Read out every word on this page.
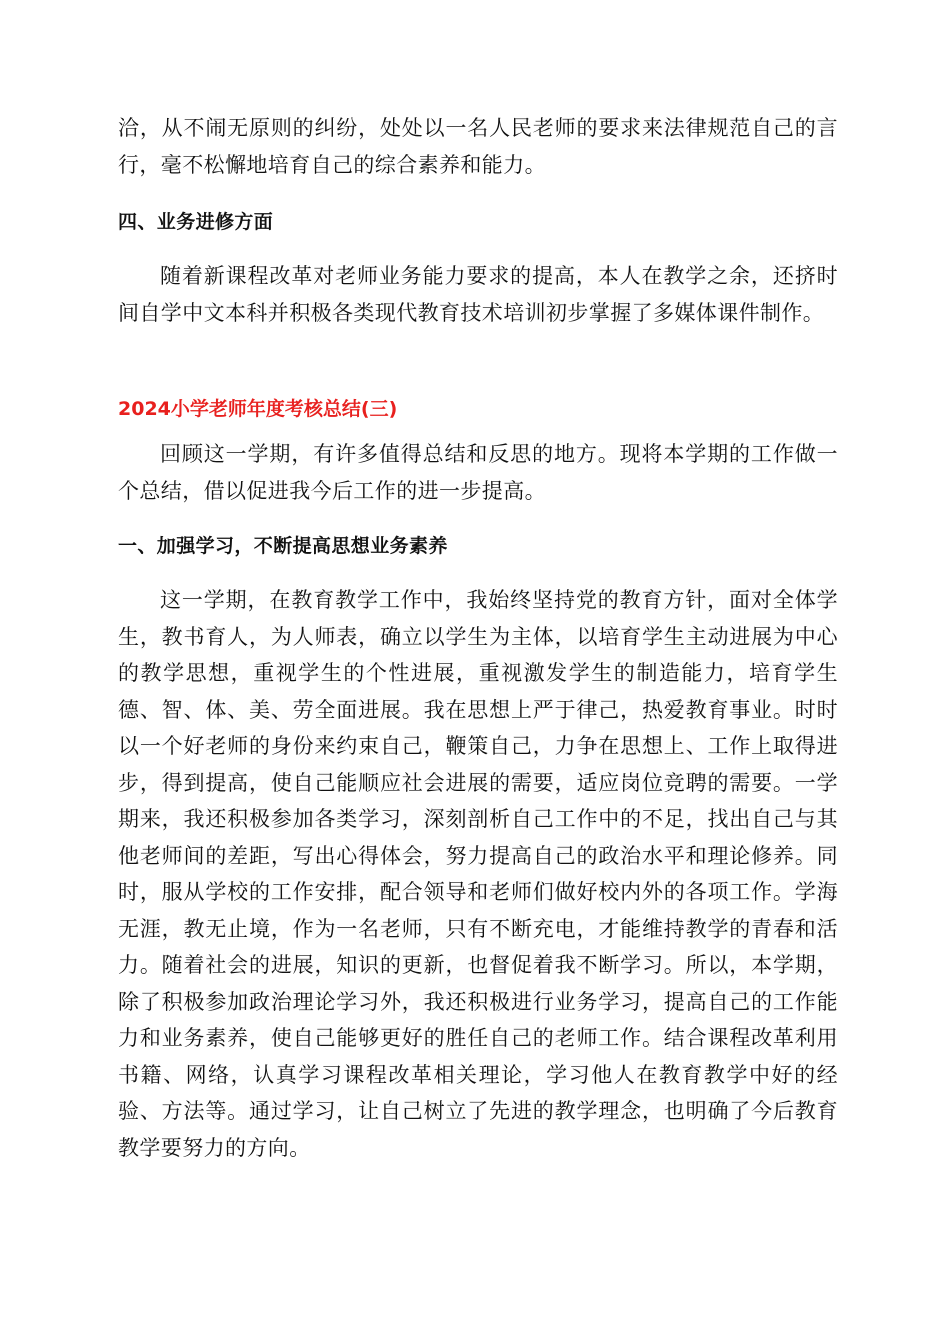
洽，从不闹无原则的纠纷，处处以一名人民老师的要求来法律规范自己的言行，毫不松懈地培育自己的综合素养和能力。

四、业务进修方面

随着新课程改革对老师业务能力要求的提高，本人在教学之余，还挤时间自学中文本科并积极各类现代教育技术培训初步掌握了多媒体课件制作。

2024小学老师年度考核总结(三)

回顾这一学期，有许多值得总结和反思的地方。现将本学期的工作做一个总结，借以促进我今后工作的进一步提高。

一、加强学习，不断提高思想业务素养

这一学期，在教育教学工作中，我始终坚持党的教育方针，面对全体学生，教书育人，为人师表，确立以学生为主体，以培育学生主动进展为中心的教学思想，重视学生的个性进展，重视激发学生的制造能力，培育学生德、智、体、美、劳全面进展。我在思想上严于律己，热爱教育事业。时时以一个好老师的身份来约束自己，鞭策自己，力争在思想上、工作上取得进步，得到提高，使自己能顺应社会进展的需要，适应岗位竞聘的需要。一学期来，我还积极参加各类学习，深刻剖析自己工作中的不足，找出自己与其他老师间的差距，写出心得体会，努力提高自己的政治水平和理论修养。同时，服从学校的工作安排，配合领导和老师们做好校内外的各项工作。学海无涯，教无止境，作为一名老师，只有不断充电，才能维持教学的青春和活力。随着社会的进展，知识的更新，也督促着我不断学习。所以，本学期，除了积极参加政治理论学习外，我还积极进行业务学习，提高自己的工作能力和业务素养，使自己能够更好的胜任自己的老师工作。结合课程改革利用书籍、网络，认真学习课程改革相关理论，学习他人在教育教学中好的经验、方法等。通过学习，让自己树立了先进的教学理念，也明确了今后教育教学要努力的方向。
